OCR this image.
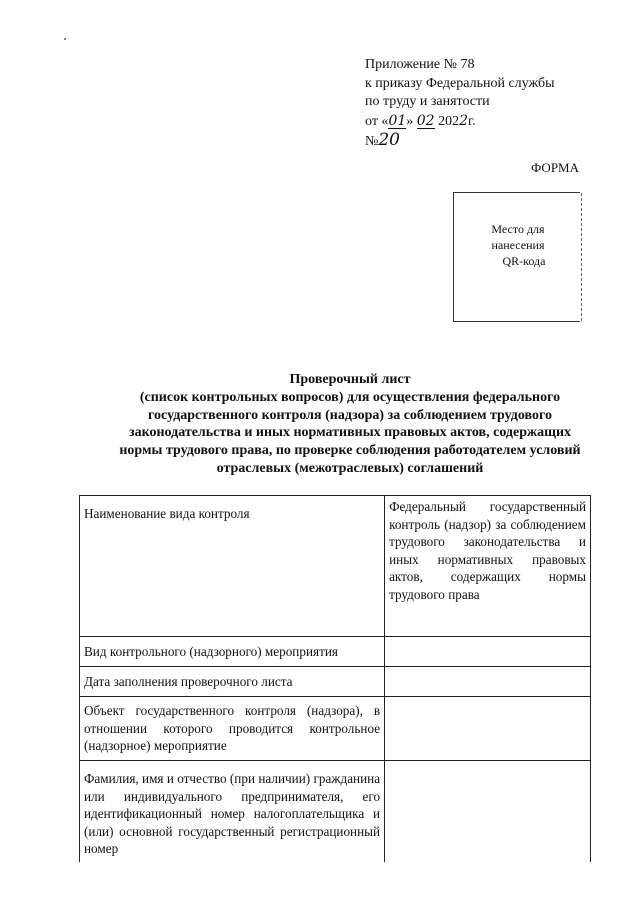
Приложение № 78
к приказу Федеральной службы
по труду и занятости
от «01» 02 2022г.
№20
ФОРМА
Место для
нанесения
QR-кода
Проверочный лист
(список контрольных вопросов) для осуществления федерального
государственного контроля (надзора) за соблюдением трудового
законодательства и иных нормативных правовых актов, содержащих
нормы трудового права, по проверке соблюдения работодателем условий
отраслевых (межотраслевых) соглашений
Наименование вида контроля	Федеральный государственный контроль (надзор) за соблюдением трудового законодательства и иных нормативных правовых актов, содержащих нормы трудового права
Вид контрольного (надзорного) мероприятия	
Дата заполнения проверочного листа	
Объект государственного контроля (надзора), в отношении которого проводится контрольное (надзорное) мероприятие	
Фамилия, имя и отчество (при наличии) гражданина или индивидуального предпринимателя, его идентификационный номер налогоплательщика и (или) основной государственный регистрационный номер	
